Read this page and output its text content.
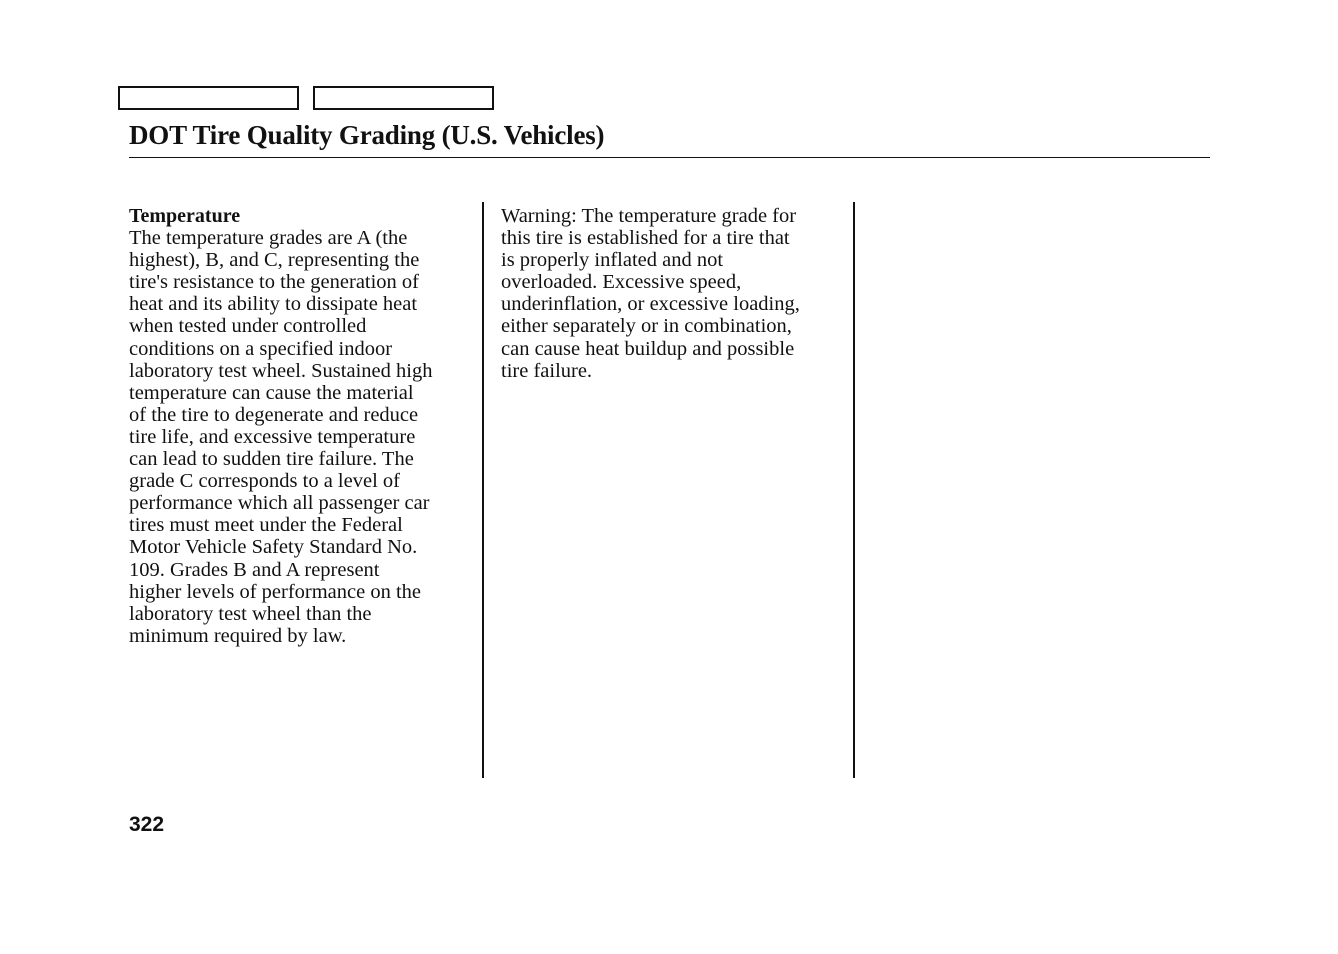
DOT Tire Quality Grading (U.S. Vehicles)
Temperature
The temperature grades are A (the
highest), B, and C, representing the
tire's resistance to the generation of
heat and its ability to dissipate heat
when tested under controlled
conditions on a specified indoor
laboratory test wheel. Sustained high
temperature can cause the material
of the tire to degenerate and reduce
tire life, and excessive temperature
can lead to sudden tire failure. The
grade C corresponds to a level of
performance which all passenger car
tires must meet under the Federal
Motor Vehicle Safety Standard No.
109. Grades B and A represent
higher levels of performance on the
laboratory test wheel than the
minimum required by law.
Warning: The temperature grade for
this tire is established for a tire that
is properly inflated and not
overloaded. Excessive speed,
underinflation, or excessive loading,
either separately or in combination,
can cause heat buildup and possible
tire failure.
322
